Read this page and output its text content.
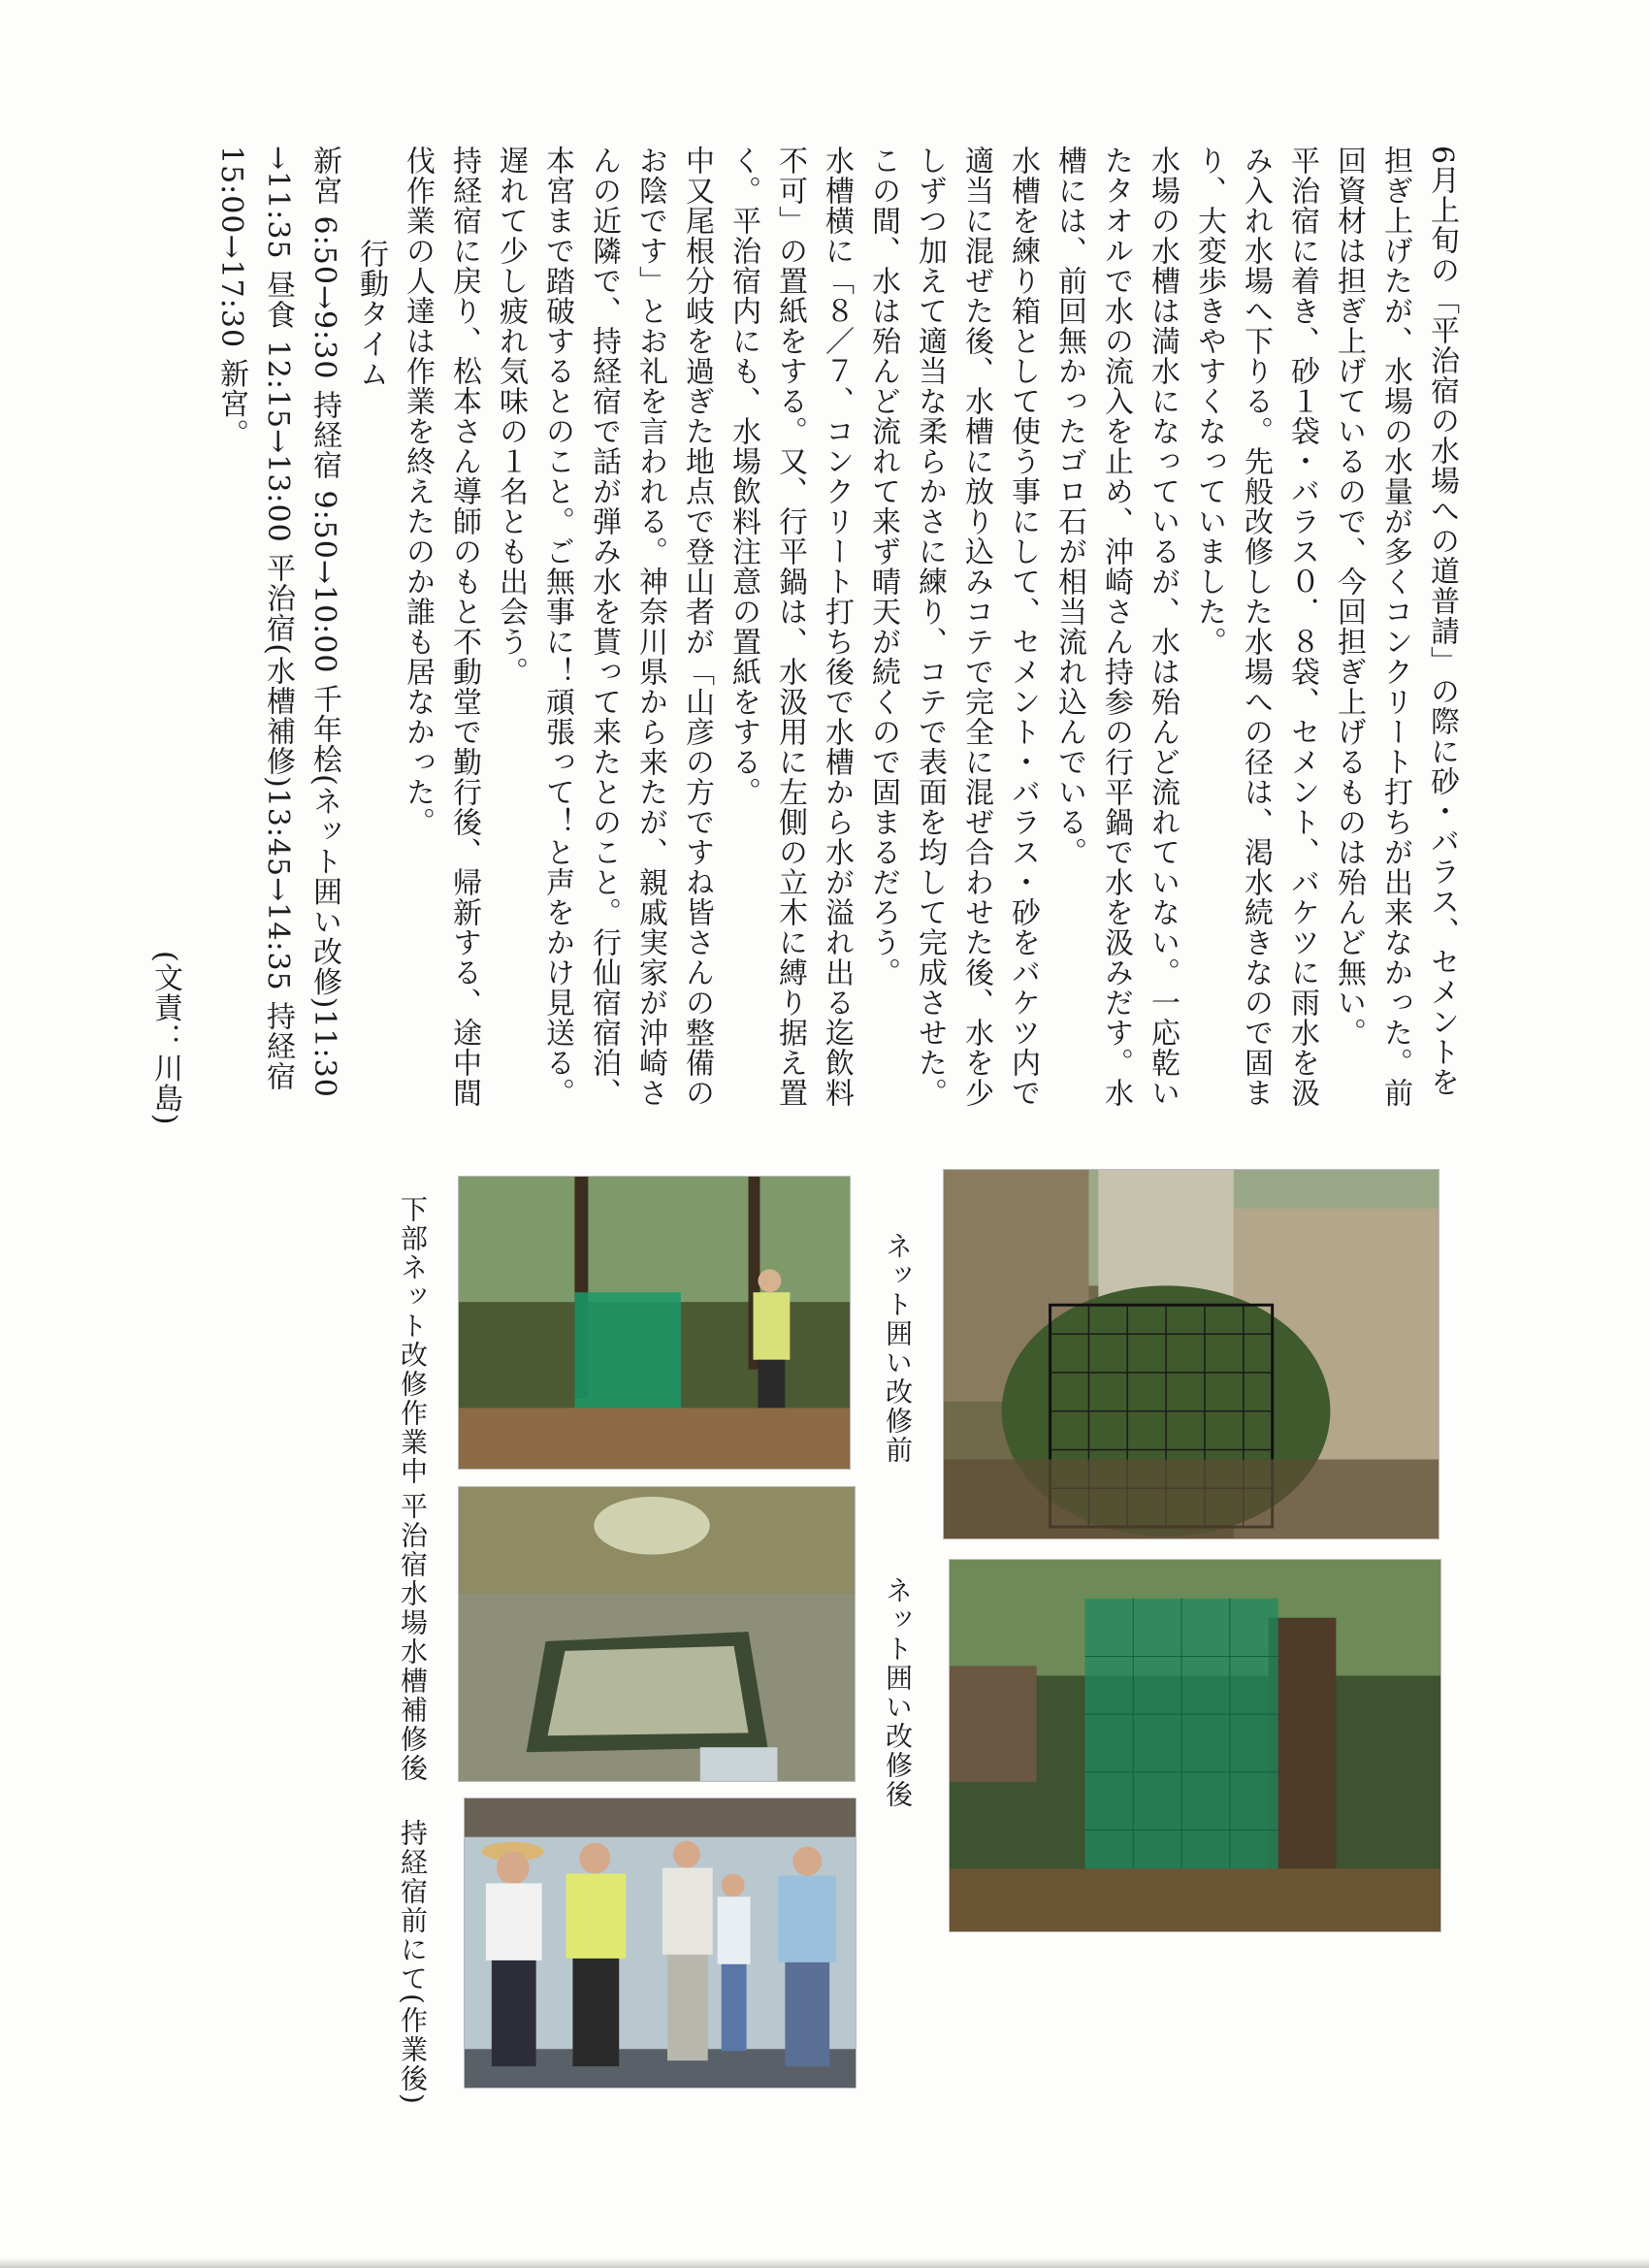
6月上旬の「平治宿の水場への道普請」の際に砂・バラス、セメントを担ぎ上げたが、水場の水量が多くコンクリート打ちが出来なかった。前回資材は担ぎ上げているので、今回担ぎ上げるものは殆んど無い。

平治宿に着き、砂１袋・バラス０．８袋、セメント、バケツに雨水を汲み入れ水場へ下りる。先般改修した水場への径は、渇水続きなので固まり、大変歩きやすくなっていました。

水場の水槽は満水になっているが、水は殆んど流れていない。一応乾いたタオルで水の流入を止め、沖崎さん持参の行平鍋で水を汲みだす。水槽には、前回無かったゴロ石が相当流れ込んでいる。

水槽を練り箱として使う事にして、セメント・バラス・砂をバケツ内で適当に混ぜた後、水槽に放り込みコテで完全に混ぜ合わせた後、水を少しずつ加えて適当な柔らかさに練り、コテで表面を均して完成させた。この間、水は殆んど流れて来ず晴天が続くので固まるだろう。

水槽横に「８／７、コンクリート打ち後で水槽から水が溢れ出る迄飲料不可」の置紙をする。又、行平鍋は、水汲用に左側の立木に縛り据え置く。平治宿内にも、水場飲料注意の置紙をする。

中又尾根分岐を過ぎた地点で登山者が「山彦の方ですね皆さんの整備のお陰です」とお礼を言われる。神奈川県から来たが、親戚実家が沖崎さんの近隣で、持経宿で話が弾み水を貰って来たとのこと。行仙宿宿泊、本宮まで踏破するとのこと。ご無事に！頑張って！と声をかけ見送る。遅れて少し疲れ気味の１名とも出会う。

持経宿に戻り、松本さん導師のもと不動堂で勤行後、帰新する、途中間伐作業の人達は作業を終えたのか誰も居なかった。

行動タイム

新宮 6:50→9:30 持経宿 9:50→10:00 千年桧(ネット囲い改修)11:30

→11:35 昼食 12:15→13:00 平治宿(水槽補修)13:45→14:35 持経宿

15:00→17:30 新宮。

(文責：川島)

ネット囲い改修前
ネット囲い改修後
下部ネット改修作業中
平治宿水場水槽補修後
持経宿前にて(作業後)
